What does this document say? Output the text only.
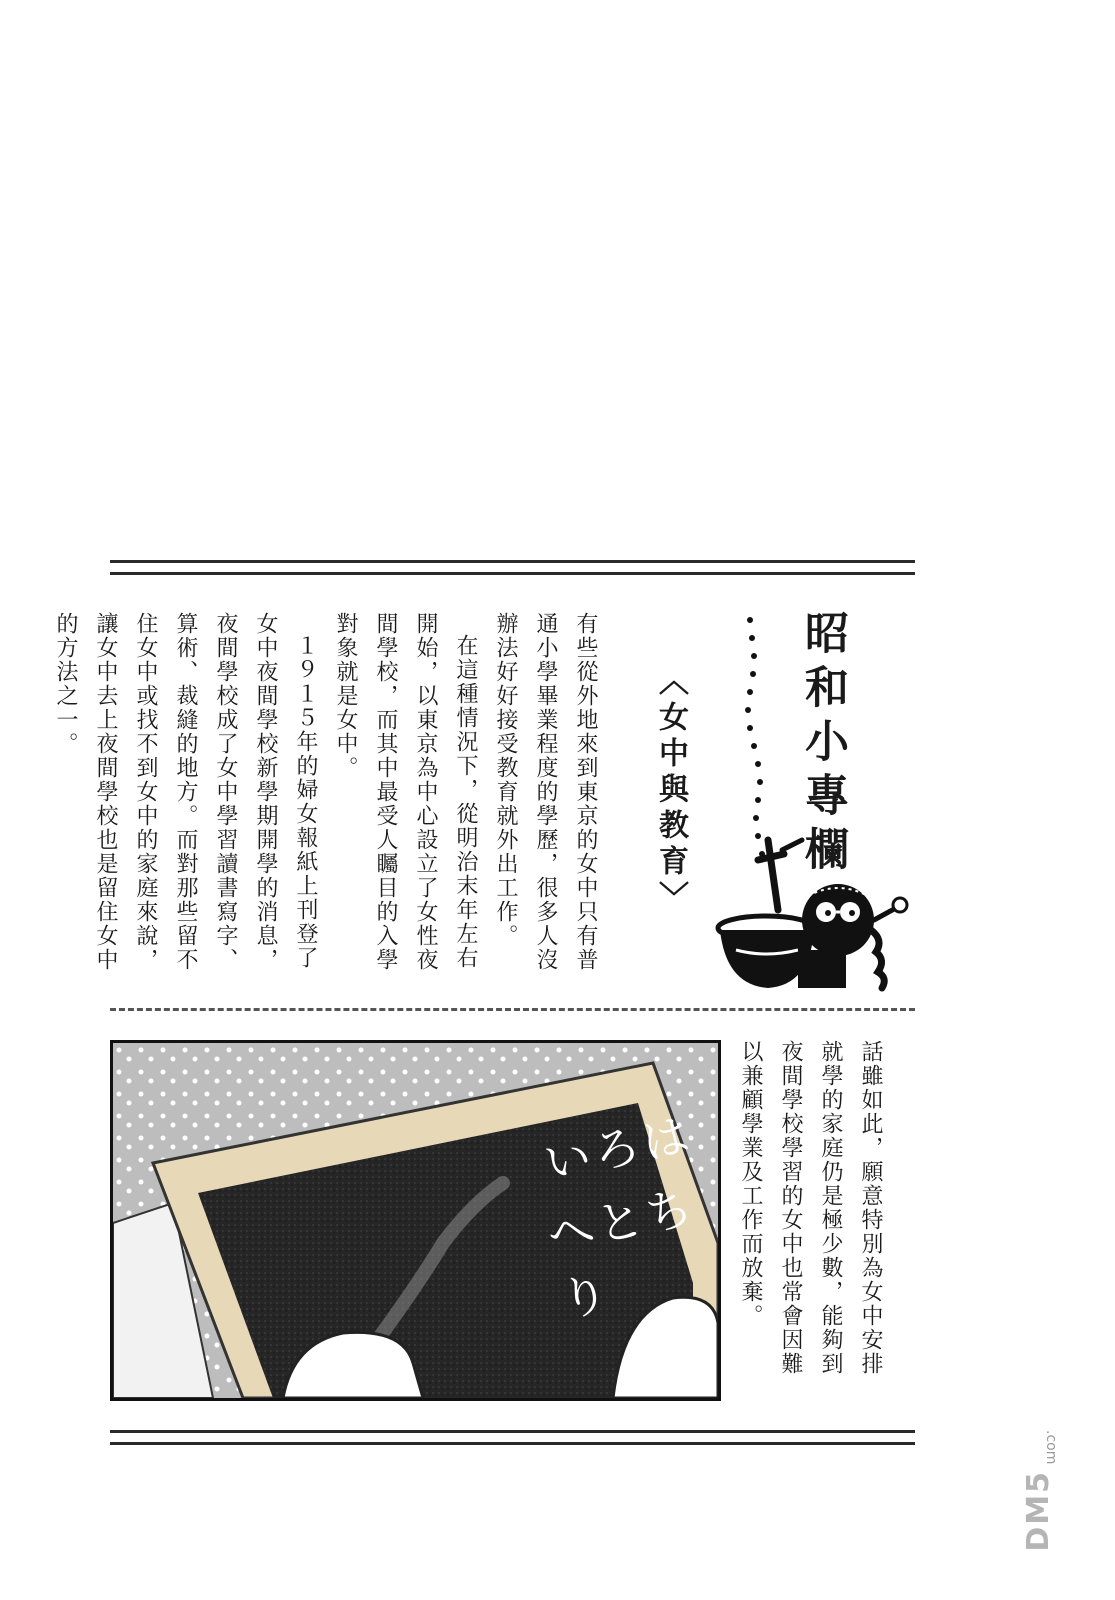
昭和小專欄
〈女中與教育〉

有些從外地來到東京的女中只有普通小學畢業程度的學歷，很多人沒辦法好好接受教育就外出工作。

在這種情況下，從明治末年左右開始，以東京為中心設立了女性夜間學校，而其中最受人矚目的入學對象就是女中。

１９１５年的婦女報紙上刊登了女中夜間學校新學期開學的消息，夜間學校成了女中學習讀書寫字、算術、裁縫的地方。而對那些留不住女中或找不到女中的家庭來說，讓女中去上夜間學校也是留住女中的方法之一。

いろは
へとちり	話雖如此，願意特別為女中安排就學的家庭仍是極少數，能夠到夜間學校學習的女中也常會因難以兼顧學業及工作而放棄。

.com
DM5
